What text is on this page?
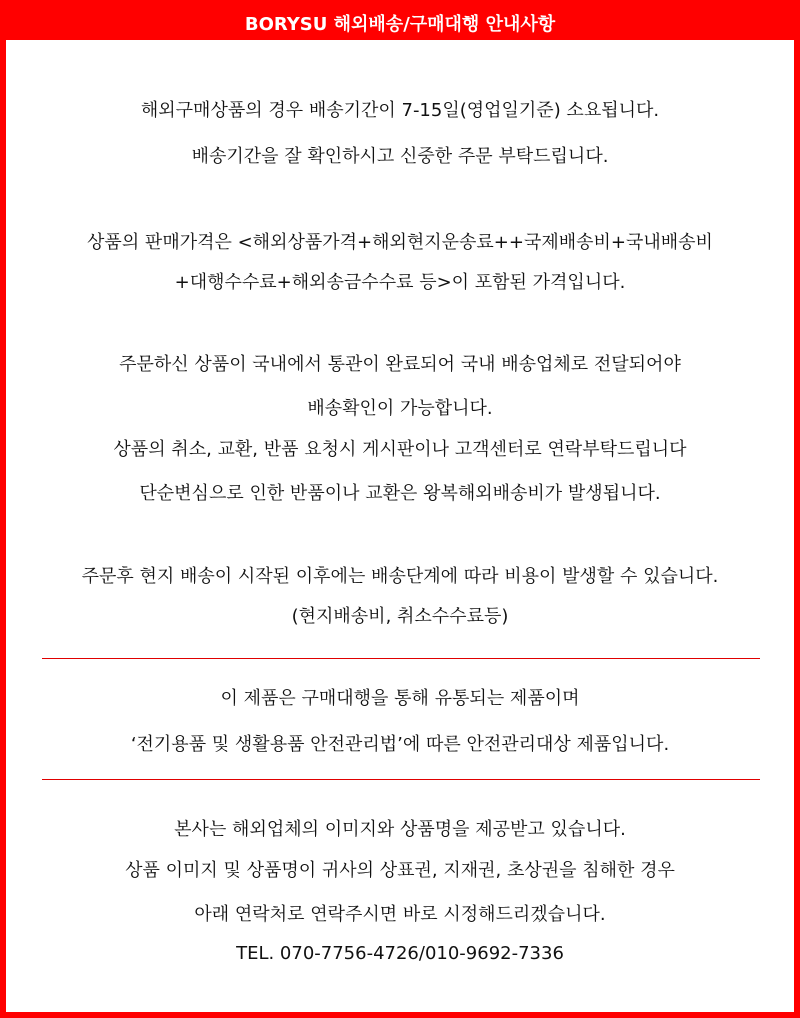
BORYSU 해외배송/구매대행 안내사항
해외구매상품의 경우 배송기간이 7-15일(영업일기준) 소요됩니다.
배송기간을 잘 확인하시고 신중한 주문 부탁드립니다.
상품의 판매가격은 <해외상품가격+해외현지운송료++국제배송비+국내배송비
+대행수수료+해외송금수수료 등>이 포함된 가격입니다.
주문하신 상품이 국내에서 통관이 완료되어 국내 배송업체로 전달되어야
배송확인이 가능합니다.
상품의 취소, 교환, 반품 요청시 게시판이나 고객센터로 연락부탁드립니다
단순변심으로 인한 반품이나 교환은 왕복해외배송비가 발생됩니다.
주문후 현지 배송이 시작된 이후에는 배송단계에 따라 비용이 발생할 수 있습니다.
(현지배송비, 취소수수료등)
이 제품은 구매대행을 통해 유통되는 제품이며
‘전기용품 및 생활용품 안전관리법’에 따른 안전관리대상 제품입니다.
본사는 해외업체의 이미지와 상품명을 제공받고 있습니다.
상품 이미지 및 상품명이 귀사의 상표권, 지재권, 초상권을 침해한 경우
아래 연락처로 연락주시면 바로 시정해드리겠습니다.
TEL. 070-7756-4726/010-9692-7336
